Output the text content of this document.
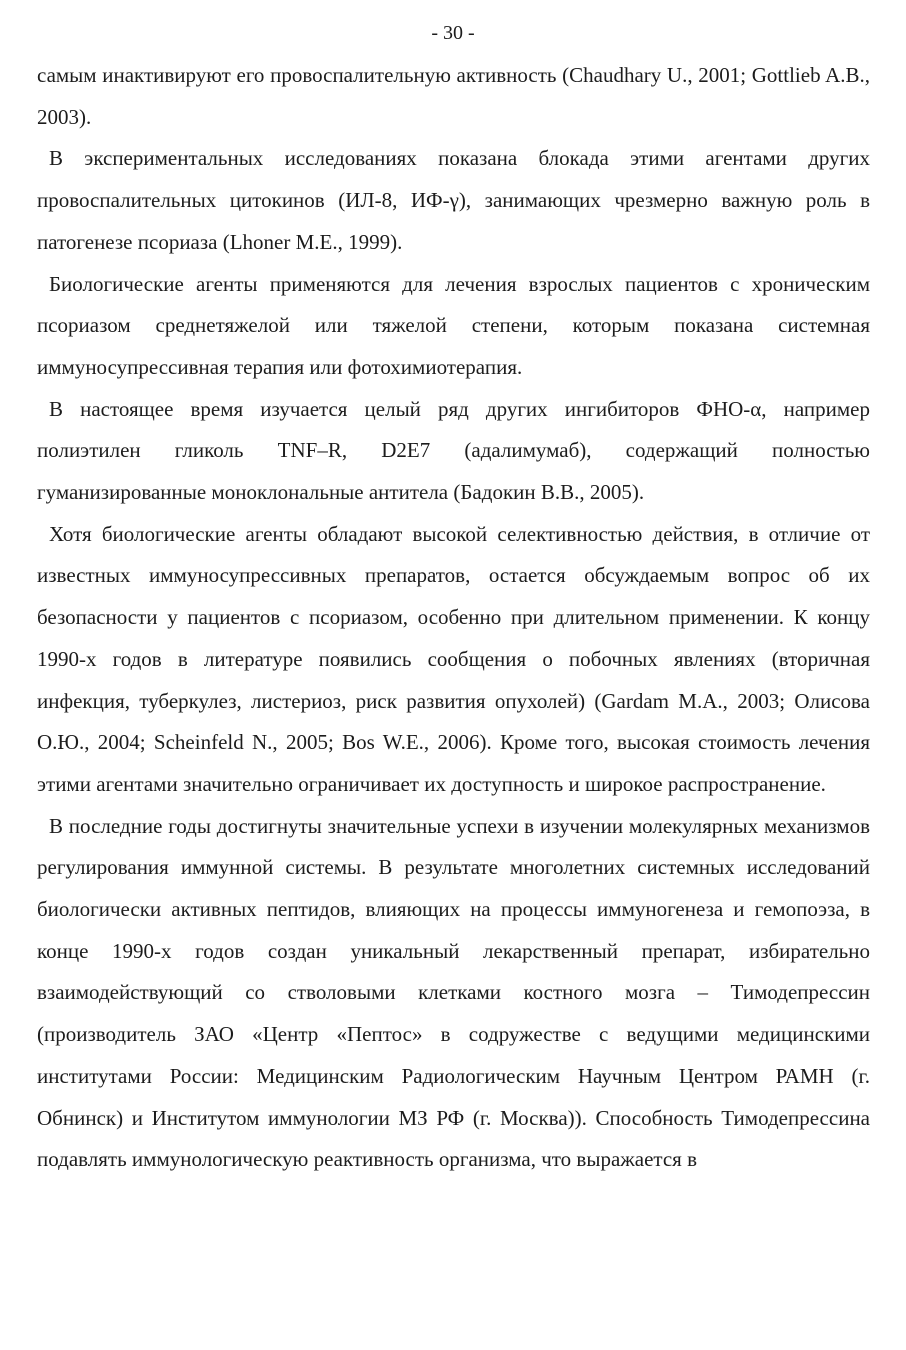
- 30 -

самым инактивируют его провоспалительную активность (Chaudhary U., 2001; Gottlieb A.B., 2003).

В экспериментальных исследованиях показана блокада этими агентами других провоспалительных цитокинов (ИЛ-8, ИФ-γ), занимающих чрезмерно важную роль в патогенезе псориаза (Lhoner M.E., 1999).

Биологические агенты применяются для лечения взрослых пациентов с хроническим псориазом среднетяжелой или тяжелой степени, которым показана системная иммуносупрессивная терапия или фотохимиотерапия.

В настоящее время изучается целый ряд других ингибиторов ФНО-α, например полиэтилен гликоль TNF–R, D2E7 (адалимумаб), содержащий полностью гуманизированные моноклональные антитела (Бадокин В.В., 2005).

Хотя биологические агенты обладают высокой селективностью действия, в отличие от известных иммуносупрессивных препаратов, остается обсуждаемым вопрос об их безопасности у пациентов с псориазом, особенно при длительном применении. К концу 1990-х годов в литературе появились сообщения о побочных явлениях (вторичная инфекция, туберкулез, листериоз, риск развития опухолей) (Gardam M.A., 2003; Олисова О.Ю., 2004; Scheinfeld N., 2005; Bos W.E., 2006). Кроме того, высокая стоимость лечения этими агентами значительно ограничивает их доступность и широкое распространение.

В последние годы достигнуты значительные успехи в изучении молекулярных механизмов регулирования иммунной системы. В результате многолетних системных исследований биологически активных пептидов, влияющих на процессы иммуногенеза и гемопоэза, в конце 1990-х годов создан уникальный лекарственный препарат, избирательно взаимодействующий со стволовыми клетками костного мозга – Тимодепрессин (производитель ЗАО «Центр «Пептос» в содружестве с ведущими медицинскими институтами России: Медицинским Радиологическим Научным Центром РАМН (г. Обнинск) и Институтом иммунологии МЗ РФ (г. Москва)). Способность Тимодепрессина подавлять иммунологическую реактивность организма, что выражается в
